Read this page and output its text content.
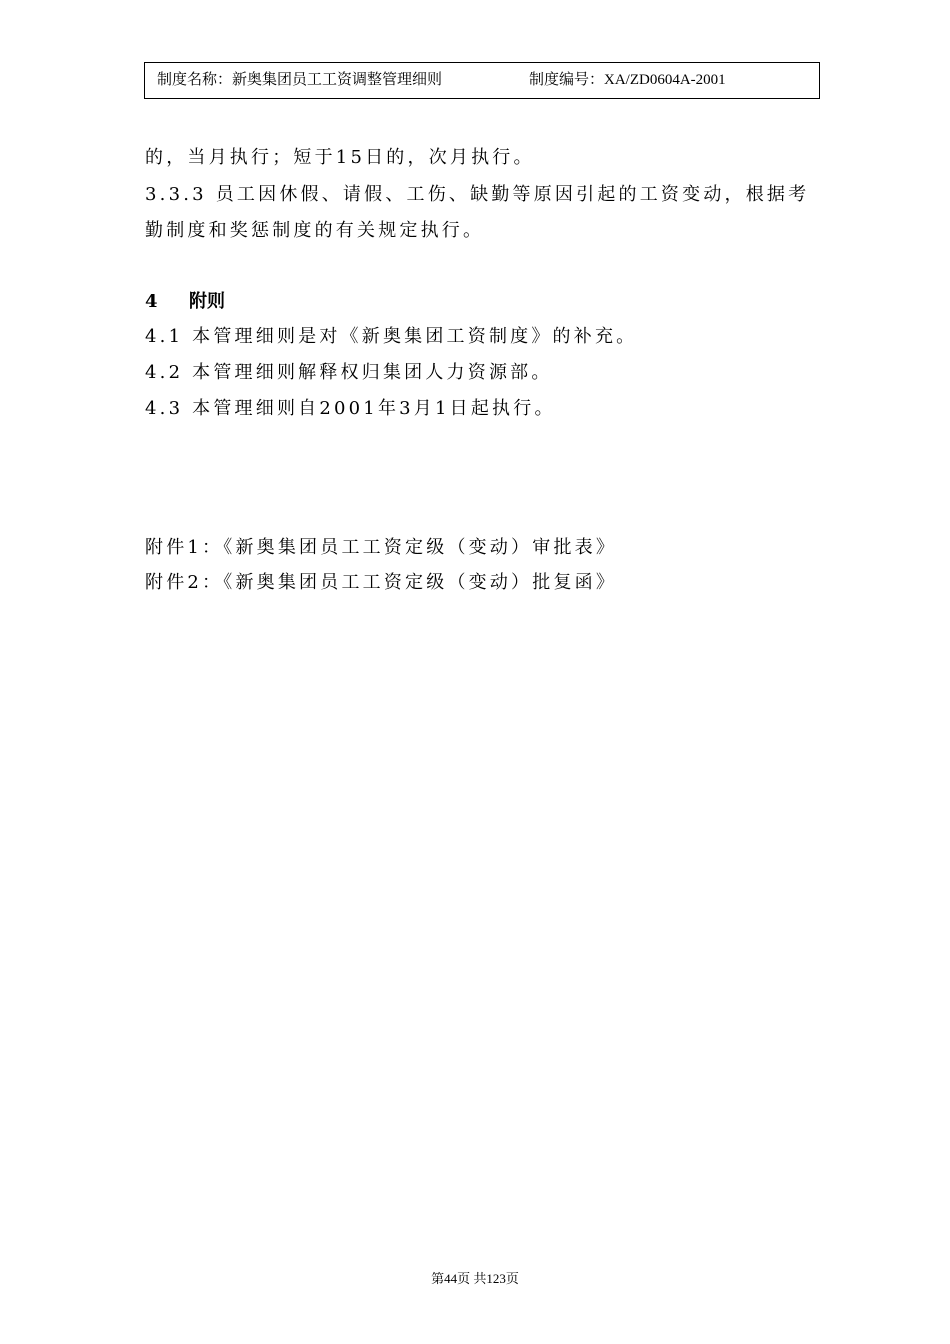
制度名称：新奥集团员工工资调整管理细则	制度编号：XA/ZD0604A-2001
的，当月执行；短于15日的，次月执行。
3.3.3 员工因休假、请假、工伤、缺勤等原因引起的工资变动，根据考
勤制度和奖惩制度的有关规定执行。
4 附则
4.1 本管理细则是对《新奥集团工资制度》的补充。
4.2 本管理细则解释权归集团人力资源部。
4.3 本管理细则自2001年3月1日起执行。
附件1：《新奥集团员工工资定级（变动）审批表》
附件2：《新奥集团员工工资定级（变动）批复函》
第44页 共123页
